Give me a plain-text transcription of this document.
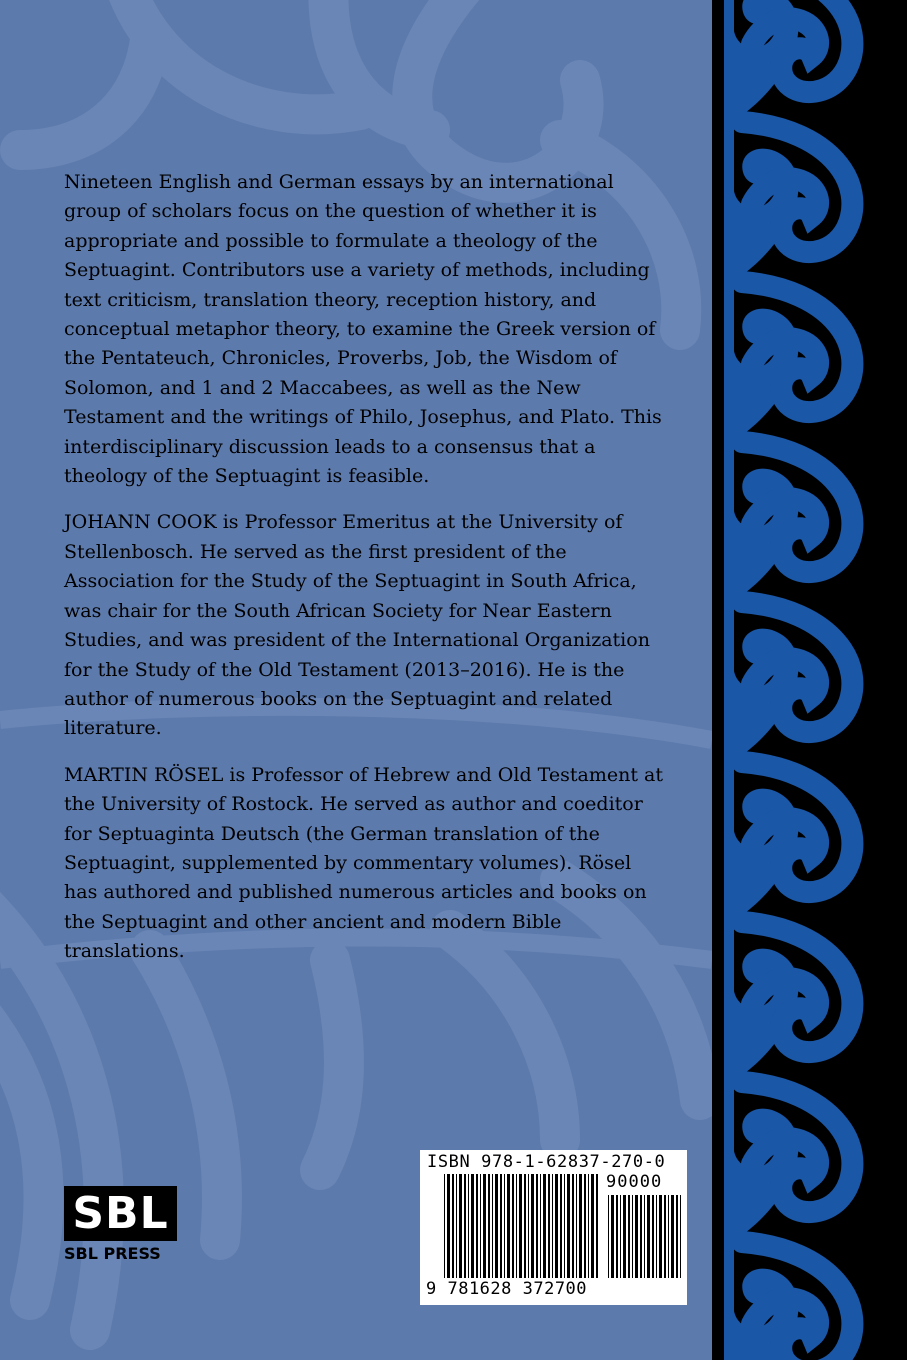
Nineteen English and German essays by an international group of scholars focus on the question of whether it is appropriate and possible to formulate a theology of the Septuagint. Contributors use a variety of methods, including text criticism, translation theory, reception history, and conceptual metaphor theory, to examine the Greek version of the Pentateuch, Chronicles, Proverbs, Job, the Wisdom of Solomon, and 1 and 2 Maccabees, as well as the New Testament and the writings of Philo, Josephus, and Plato. This interdisciplinary discussion leads to a consensus that a theology of the Septuagint is feasible.

JOHANN COOK is Professor Emeritus at the University of Stellenbosch. He served as the first president of the Association for the Study of the Septuagint in South Africa, was chair for the South African Society for Near Eastern Studies, and was president of the International Organization for the Study of the Old Testament (2013–2016). He is the author of numerous books on the Septuagint and related literature.

MARTIN RÖSEL is Professor of Hebrew and Old Testament at the University of Rostock. He served as author and coeditor for Septuaginta Deutsch (the German translation of the Septuagint, supplemented by commentary volumes). Rösel has authored and published numerous articles and books on the Septuagint and other ancient and modern Bible translations.

SBL
SBL PRESS
ISBN 978-1-62837-270-0
90000
9 781628 372700
